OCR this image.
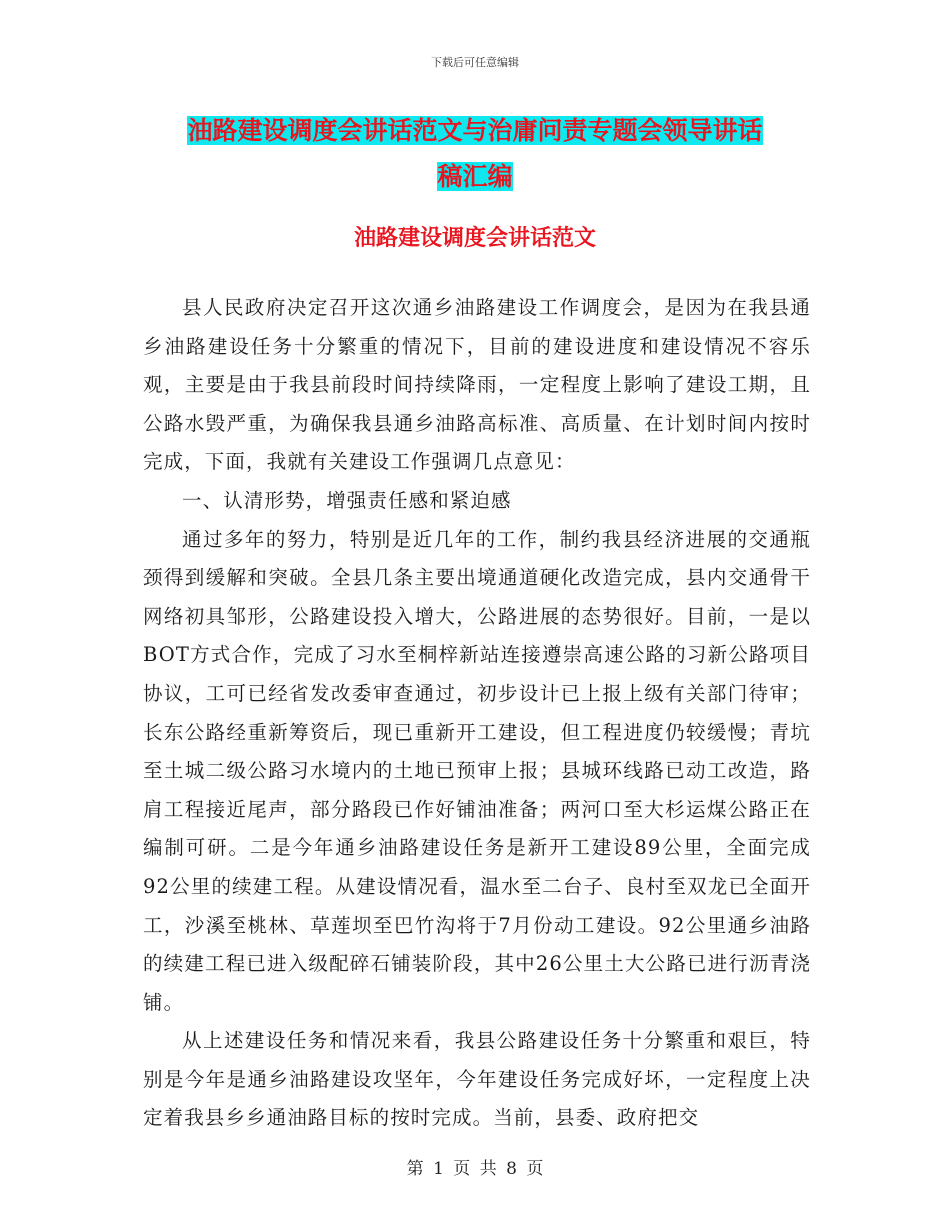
下载后可任意编辑
油路建设调度会讲话范文与治庸问责专题会领导讲话
稿汇编
油路建设调度会讲话范文

县人民政府决定召开这次通乡油路建设工作调度会，是因为在我县通乡油路建设任务十分繁重的情况下，目前的建设进度和建设情况不容乐观，主要是由于我县前段时间持续降雨，一定程度上影响了建设工期，且公路水毁严重，为确保我县通乡油路高标准、高质量、在计划时间内按时完成，下面，我就有关建设工作强调几点意见：

一、认清形势，增强责任感和紧迫感

通过多年的努力，特别是近几年的工作，制约我县经济进展的交通瓶颈得到缓解和突破。全县几条主要出境通道硬化改造完成，县内交通骨干网络初具邹形，公路建设投入增大，公路进展的态势很好。目前，一是以BOT方式合作，完成了习水至桐梓新站连接遵崇高速公路的习新公路项目协议，工可已经省发改委审查通过，初步设计已上报上级有关部门待审；长东公路经重新筹资后，现已重新开工建设，但工程进度仍较缓慢；青坑至土城二级公路习水境内的土地已预审上报；县城环线路已动工改造，路肩工程接近尾声，部分路段已作好铺油准备；两河口至大杉运煤公路正在编制可研。二是今年通乡油路建设任务是新开工建设89公里，全面完成92公里的续建工程。从建设情况看，温水至二台子、良村至双龙已全面开工，沙溪至桃林、草莲坝至巴竹沟将于7月份动工建设。92公里通乡油路的续建工程已进入级配碎石铺装阶段，其中26公里土大公路已进行沥青浇铺。

从上述建设任务和情况来看，我县公路建设任务十分繁重和艰巨，特别是今年是通乡油路建设攻坚年，今年建设任务完成好坏，一定程度上决定着我县乡乡通油路目标的按时完成。当前，县委、政府把交

第 1 页 共 8 页
